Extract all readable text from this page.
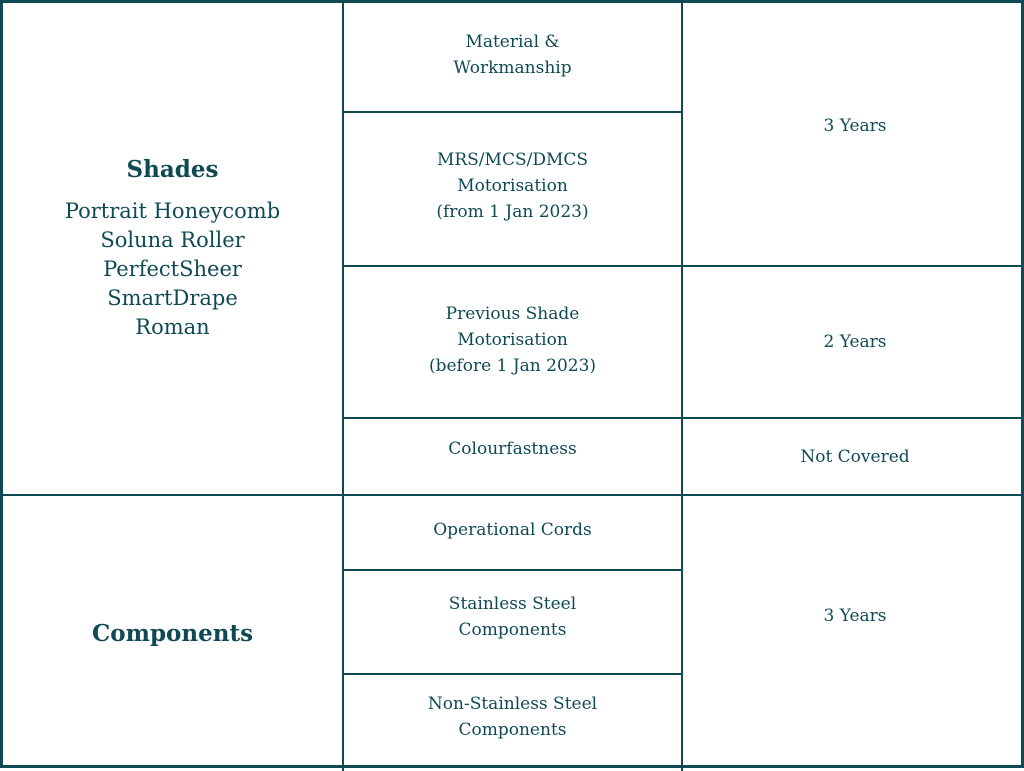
Shades
Portrait Honeycomb
Soluna Roller
PerfectSheer
SmartDrape
Roman
Components
Material &
Workmanship
MRS/MCS/DMCS
Motorisation
(from 1 Jan 2023)
Previous Shade
Motorisation
(before 1 Jan 2023)
Colourfastness
Operational Cords
Stainless Steel
Components
Non-Stainless Steel
Components
3 Years
2 Years
Not Covered
3 Years
